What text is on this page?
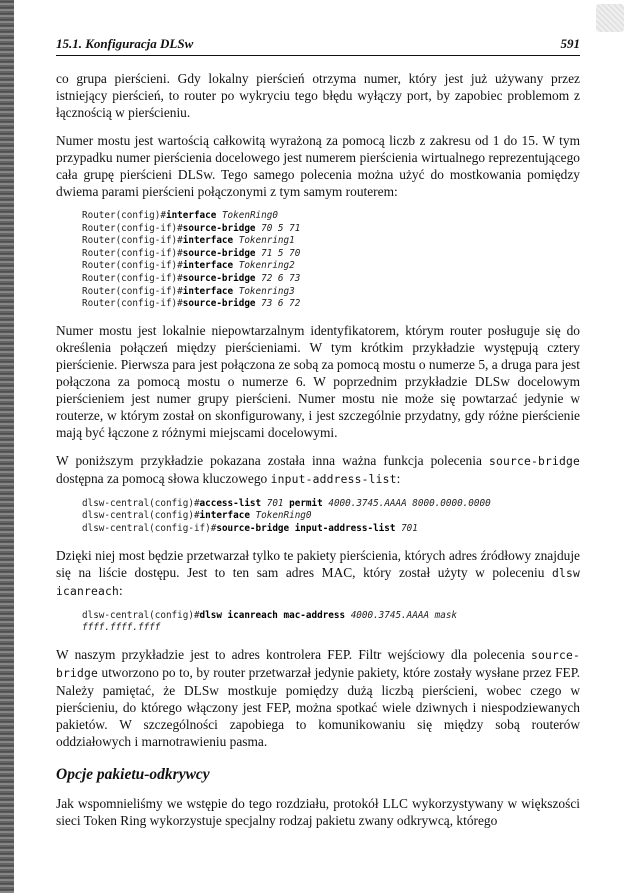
15.1. Konfiguracja DLSw	591

co grupa pierścieni. Gdy lokalny pierścień otrzyma numer, który jest już używany przez istniejący pierścień, to router po wykryciu tego błędu wyłączy port, by zapobiec problemom z łącznością w pierścieniu.

Numer mostu jest wartością całkowitą wyrażoną za pomocą liczb z zakresu od 1 do 15. W tym przypadku numer pierścienia docelowego jest numerem pierścienia wirtualnego reprezentującego cała grupę pierścieni DLSw. Tego samego polecenia można użyć do mostkowania pomiędzy dwiema parami pierścieni połączonymi z tym samym routerem:

Router(config)#interface TokenRing0
Router(config-if)#source-bridge 70 5 71
Router(config-if)#interface Tokenring1
Router(config-if)#source-bridge 71 5 70
Router(config-if)#interface Tokenring2
Router(config-if)#source-bridge 72 6 73
Router(config-if)#interface Tokenring3
Router(config-if)#source-bridge 73 6 72

Numer mostu jest lokalnie niepowtarzalnym identyfikatorem, którym router posługuje się do określenia połączeń między pierścieniami. W tym krótkim przykładzie występują cztery pierścienie. Pierwsza para jest połączona ze sobą za pomocą mostu o numerze 5, a druga para jest połączona za pomocą mostu o numerze 6. W poprzednim przykładzie DLSw docelowym pierścieniem jest numer grupy pierścieni. Numer mostu nie może się powtarzać jedynie w routerze, w którym został on skonfigurowany, i jest szczególnie przydatny, gdy różne pierścienie mają być łączone z różnymi miejscami docelowymi.

W poniższym przykładzie pokazana została inna ważna funkcja polecenia source-bridge dostępna za pomocą słowa kluczowego input-address-list:

dlsw-central(config)#access-list 701 permit 4000.3745.AAAA 8000.0000.0000
dlsw-central(config)#interface TokenRing0
dlsw-central(config-if)#source-bridge input-address-list 701

Dzięki niej most będzie przetwarzał tylko te pakiety pierścienia, których adres źródłowy znajduje się na liście dostępu. Jest to ten sam adres MAC, który został użyty w poleceniu dlsw icanreach:

dlsw-central(config)#dlsw icanreach mac-address 4000.3745.AAAA mask
ffff.ffff.ffff

W naszym przykładzie jest to adres kontrolera FEP. Filtr wejściowy dla polecenia source-bridge utworzono po to, by router przetwarzał jedynie pakiety, które zostały wysłane przez FEP. Należy pamiętać, że DLSw mostkuje pomiędzy dużą liczbą pierścieni, wobec czego w pierścieniu, do którego włączony jest FEP, można spotkać wiele dziwnych i niespodziewanych pakietów. W szczególności zapobiega to komunikowaniu się między sobą routerów oddziałowych i marnotrawieniu pasma.

Opcje pakietu-odkrywcy

Jak wspomnieliśmy we wstępie do tego rozdziału, protokół LLC wykorzystywany w większości sieci Token Ring wykorzystuje specjalny rodzaj pakietu zwany odkrywcą, którego
